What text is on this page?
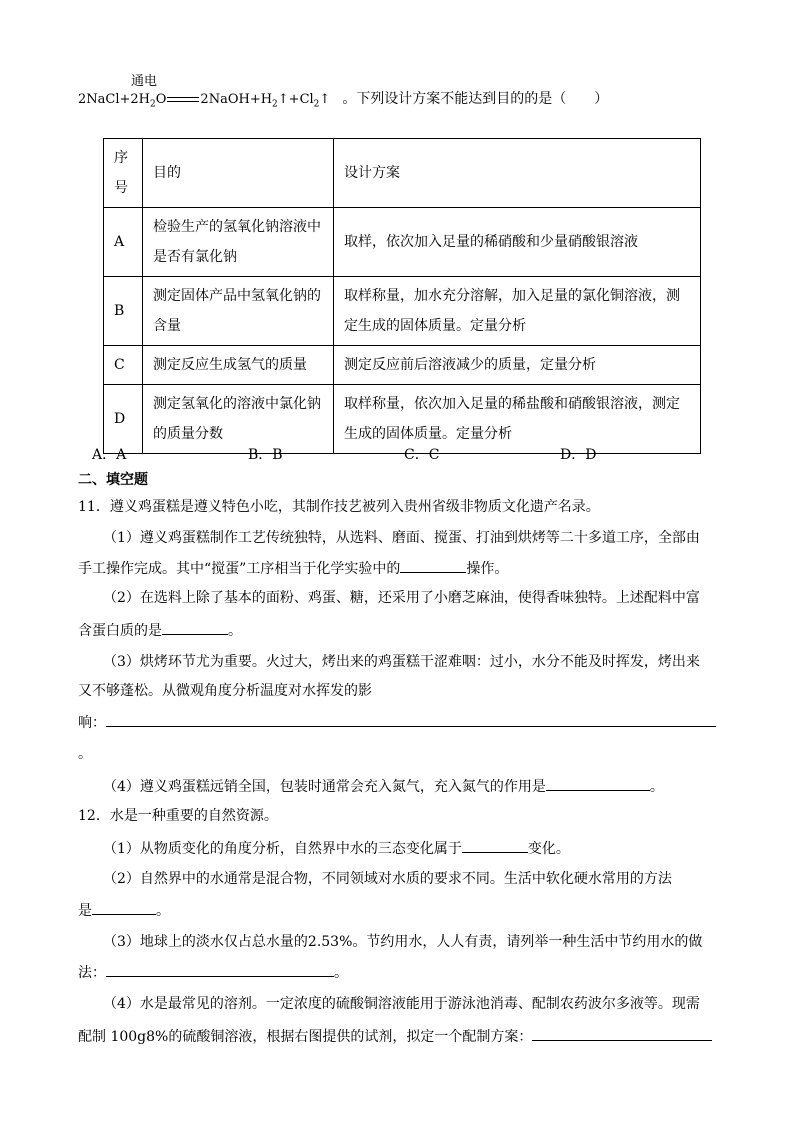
通电
$2NaCl+2H_2O$	$2NaOH+H_2↑+Cl_2↑$ 。下列设计方案不能达到目的的是（　　）
序号	目的	设计方案
A	检验生产的氢氧化钠溶液中是否有氯化钠	取样，依次加入足量的稀硝酸和少量硝酸银溶液
B	测定固体产品中氢氧化钠的含量	取样称量，加水充分溶解，加入足量的氯化铜溶液，测定生成的固体质量。定量分析
C	测定反应生成氢气的质量	测定反应前后溶液减少的质量，定量分析
D	测定氢氧化的溶液中氯化钠的质量分数	取样称量，依次加入足量的稀盐酸和硝酸银溶液，测定生成的固体质量。定量分析
A．A	B．B	C．C	D．D
二、填空题
11．遵义鸡蛋糕是遵义特色小吃，其制作技艺被列入贵州省级非物质文化遗产名录。
（1）遵义鸡蛋糕制作工艺传统独特，从选料、磨面、搅蛋、打油到烘烤等二十多道工序，全部由
手工操作完成。其中“搅蛋”工序相当于化学实验中的	操作。
（2）在选料上除了基本的面粉、鸡蛋、糖，还采用了小磨芝麻油，使得香味独特。上述配料中富
含蛋白质的是	。
（3）烘烤环节尤为重要。火过大，烤出来的鸡蛋糕干涩难咽：过小，水分不能及时挥发，烤出来
又不够蓬松。从微观角度分析温度对水挥发的影
响：
。
（4）遵义鸡蛋糕远销全国，包装时通常会充入氮气，充入氮气的作用是	。
12．水是一种重要的自然资源。
（1）从物质变化的角度分析，自然界中水的三态变化属于	变化。
（2）自然界中的水通常是混合物，不同领域对水质的要求不同。生活中软化硬水常用的方法
是	。
（3）地球上的淡水仅占总水量的2.53%。节约用水，人人有责，请列举一种生活中节约用水的做
法：	。
（4）水是最常见的溶剂。一定浓度的硫酸铜溶液能用于游泳池消毒、配制农药波尔多液等。现需
配制 100g8%的硫酸铜溶液，根据右图提供的试剂，拟定一个配制方案：
